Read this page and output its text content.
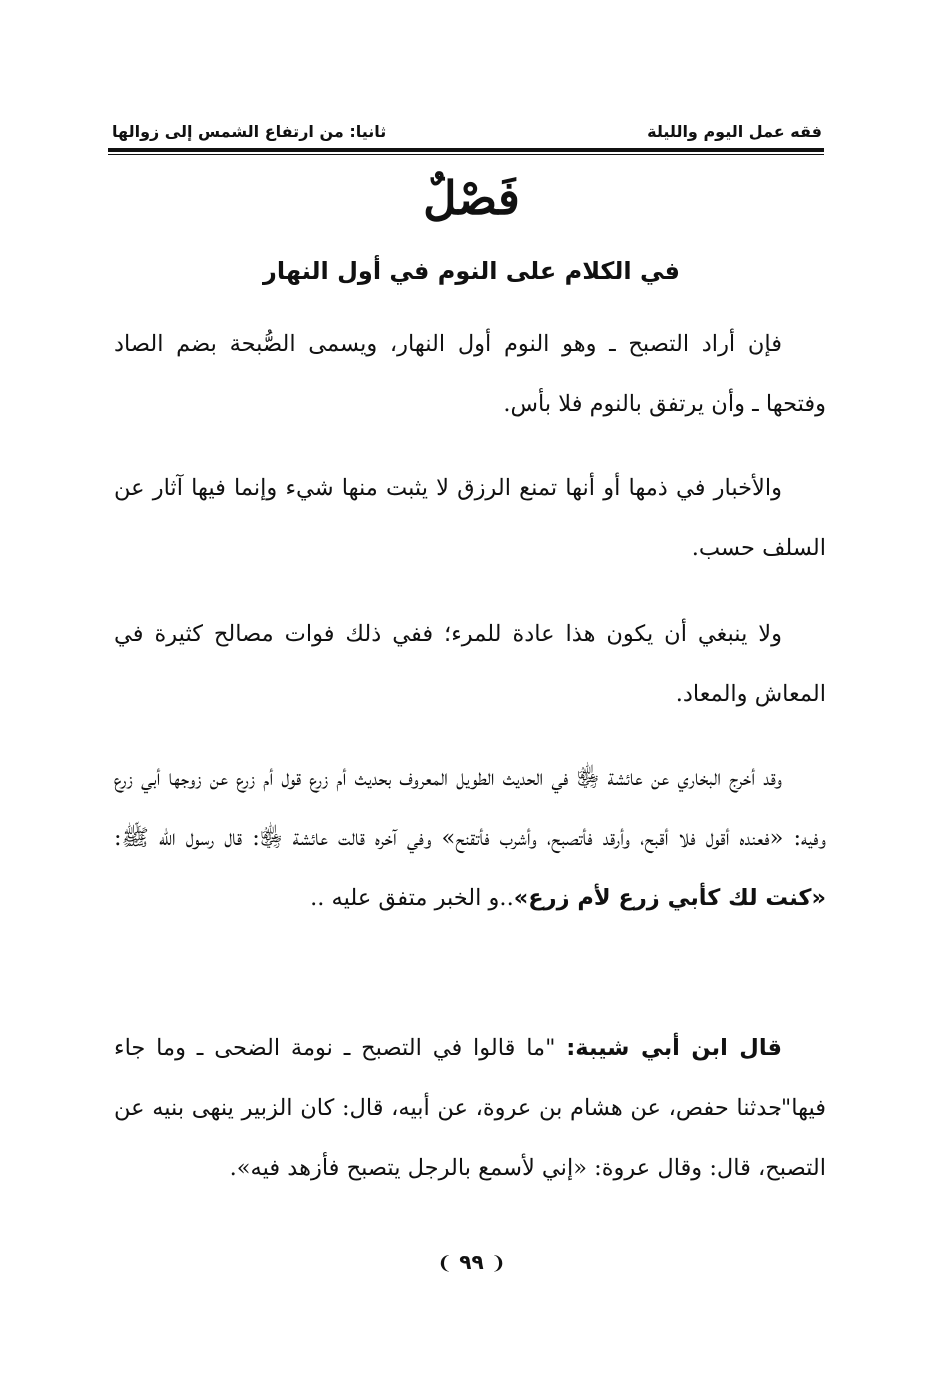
فقه عمل اليوم والليلة
ثانيا: من ارتفاع الشمس إلى زوالها
فَصْلٌ
في الكلام على النوم في أول النهار

فإن أراد التصبح ـ وهو النوم أول النهار، ويسمى الصُّبحة بضم الصاد وفتحها ـ وأن يرتفق بالنوم فلا بأس.

والأخبار في ذمها أو أنها تمنع الرزق لا يثبت منها شيء وإنما فيها آثار عن السلف حسب.

ولا ينبغي أن يكون هذا عادة للمرء؛ ففي ذلك فوات مصالح كثيرة في المعاش والمعاد.

وقد أخرج البخاري عن عائشة ﵂ في الحديث الطويل المعروف بحديث أم زرع قول أم زرع عن زوجها أبي زرع وفيه: «فعنده أقول فلا أقبح، وأرقد فأتصبح، وأشرب فأتقنح» وفي آخره قالت عائشة ﵂: قال رسول الله ﷺ: «كنت لك كأبي زرع لأم زرع»..و الخبر متفق عليه ..

قال ابن أبي شيبة: "ما قالوا في التصبح ـ نومة الضحى ـ وما جاء فيها".

حدثنا حفص، عن هشام بن عروة، عن أبيه، قال: كان الزبير ينهى بنيه عن التصبح، قال: وقال عروة: «إني لأسمع بالرجل يتصبح فأزهد فيه».

❨ ٩٩ ❩
